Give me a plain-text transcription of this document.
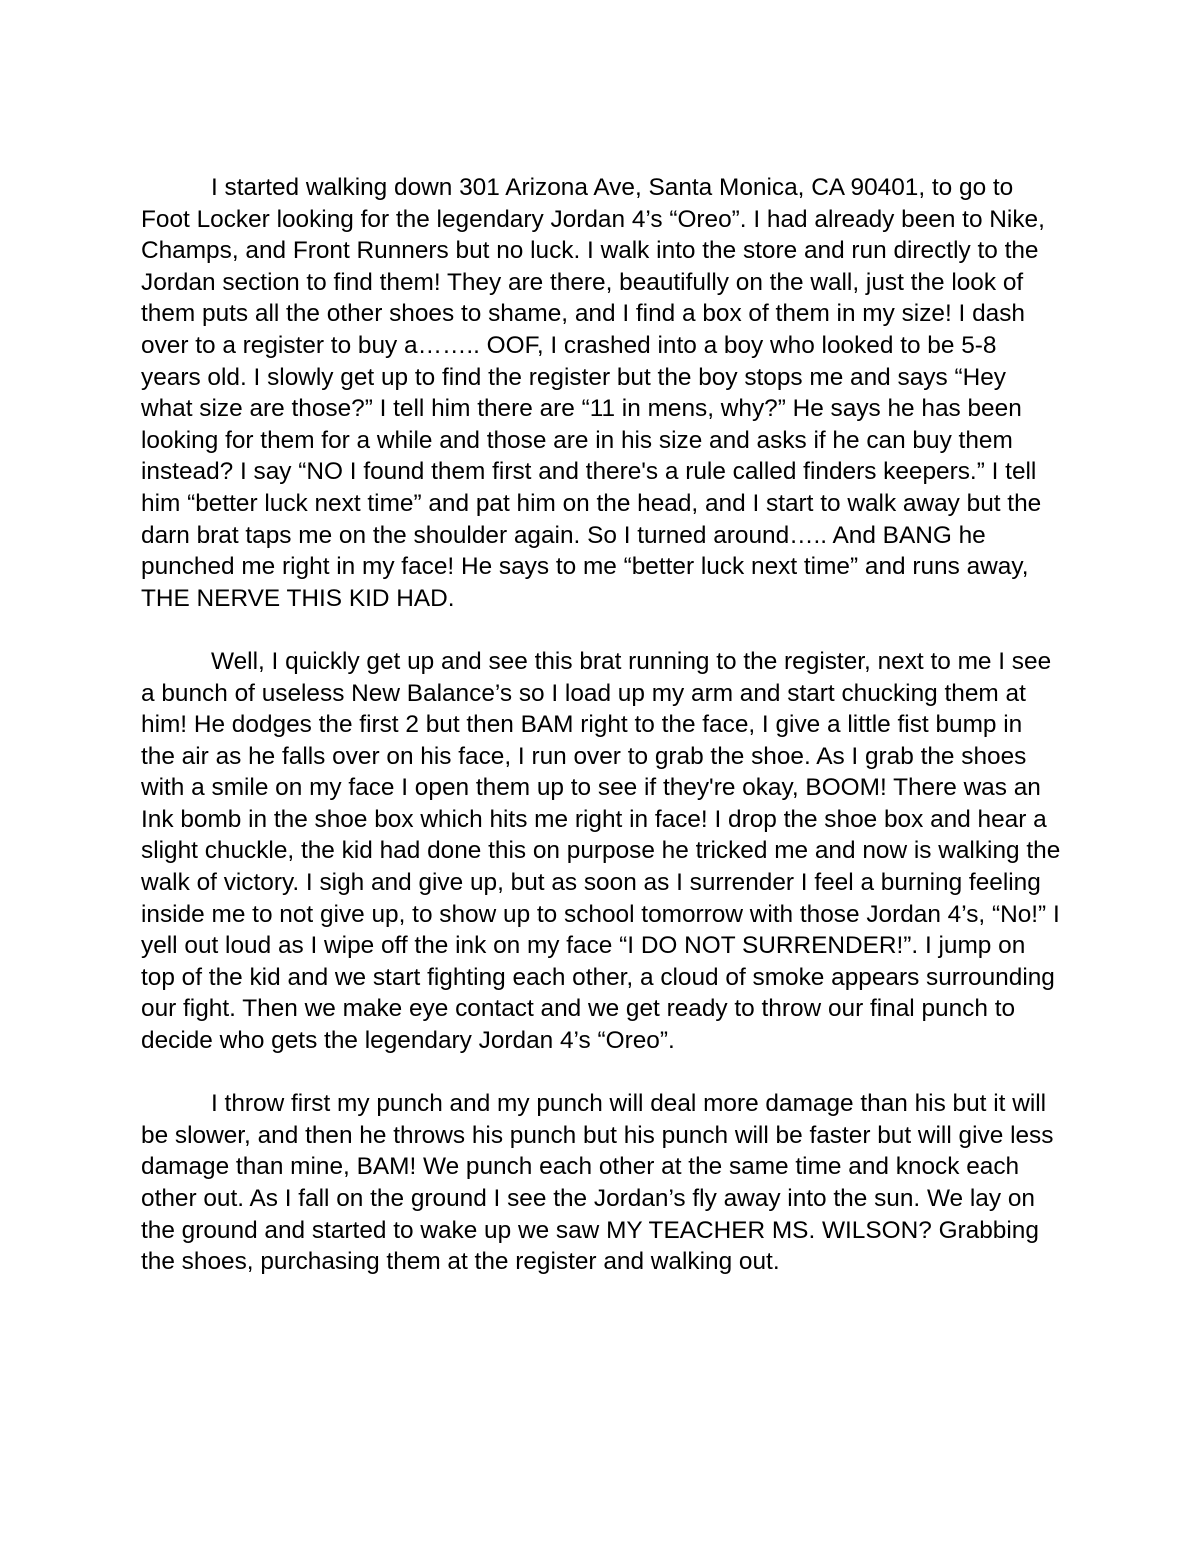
I started walking down 301 Arizona Ave, Santa Monica, CA 90401, to go to Foot Locker looking for the legendary Jordan 4’s “Oreo”. I had already been to Nike, Champs, and Front Runners but no luck. I walk into the store and run directly to the Jordan section to find them! They are there, beautifully on the wall, just the look of them puts all the other shoes to shame, and I find a box of them in my size! I dash over to a register to buy a…….. OOF, I crashed into a boy who looked to be 5-8 years old. I slowly get up to find the register but the boy stops me and says “Hey what size are those?” I tell him there are “11 in mens, why?” He says he has been looking for them for a while and those are in his size and asks if he can buy them instead? I say “NO I found them first and there's a rule called finders keepers.” I tell him “better luck next time” and pat him on the head, and I start to walk away but the darn brat taps me on the shoulder again. So I turned around….. And BANG he punched me right in my face! He says to me “better luck next time” and runs away, THE NERVE THIS KID HAD.

Well, I quickly get up and see this brat running to the register, next to me I see a bunch of useless New Balance’s so I load up my arm and start chucking them at him! He dodges the first 2 but then BAM right to the face, I give a little fist bump in the air as he falls over on his face, I run over to grab the shoe. As I grab the shoes with a smile on my face I open them up to see if they're okay, BOOM! There was an Ink bomb in the shoe box which hits me right in face! I drop the shoe box and hear a slight chuckle, the kid had done this on purpose he tricked me and now is walking the walk of victory. I sigh and give up, but as soon as I surrender I feel a burning feeling inside me to not give up, to show up to school tomorrow with those Jordan 4’s, “No!” I yell out loud as I wipe off the ink on my face “I DO NOT SURRENDER!”. I jump on top of the kid and we start fighting each other, a cloud of smoke appears surrounding our fight. Then we make eye contact and we get ready to throw our final punch to decide who gets the legendary Jordan 4’s “Oreo”.

I throw first my punch and my punch will deal more damage than his but it will be slower, and then he throws his punch but his punch will be faster but will give less damage than mine, BAM! We punch each other at the same time and knock each other out. As I fall on the ground I see the Jordan’s fly away into the sun. We lay on the ground and started to wake up we saw MY TEACHER MS. WILSON? Grabbing the shoes, purchasing them at the register and walking out.
